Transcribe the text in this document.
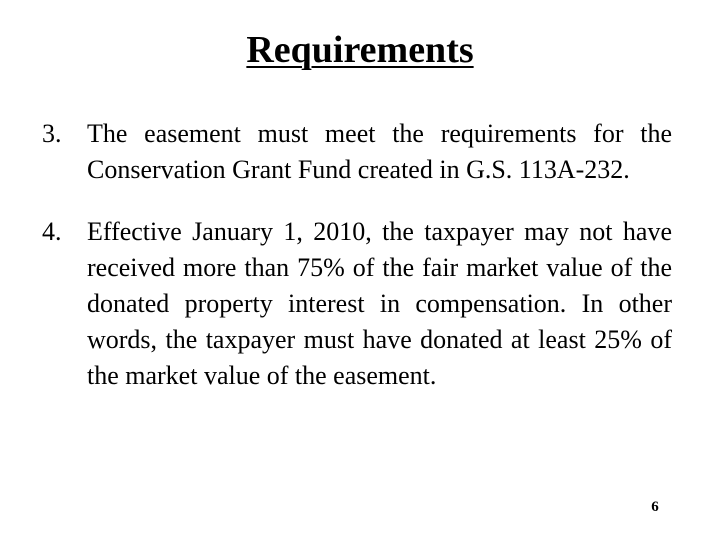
Requirements
3. The easement must meet the requirements for the Conservation Grant Fund created in G.S. 113A-232.
4. Effective January 1, 2010, the taxpayer may not have received more than 75% of the fair market value of the donated property interest in compensation. In other words, the taxpayer must have donated at least 25% of the market value of the easement.
6
